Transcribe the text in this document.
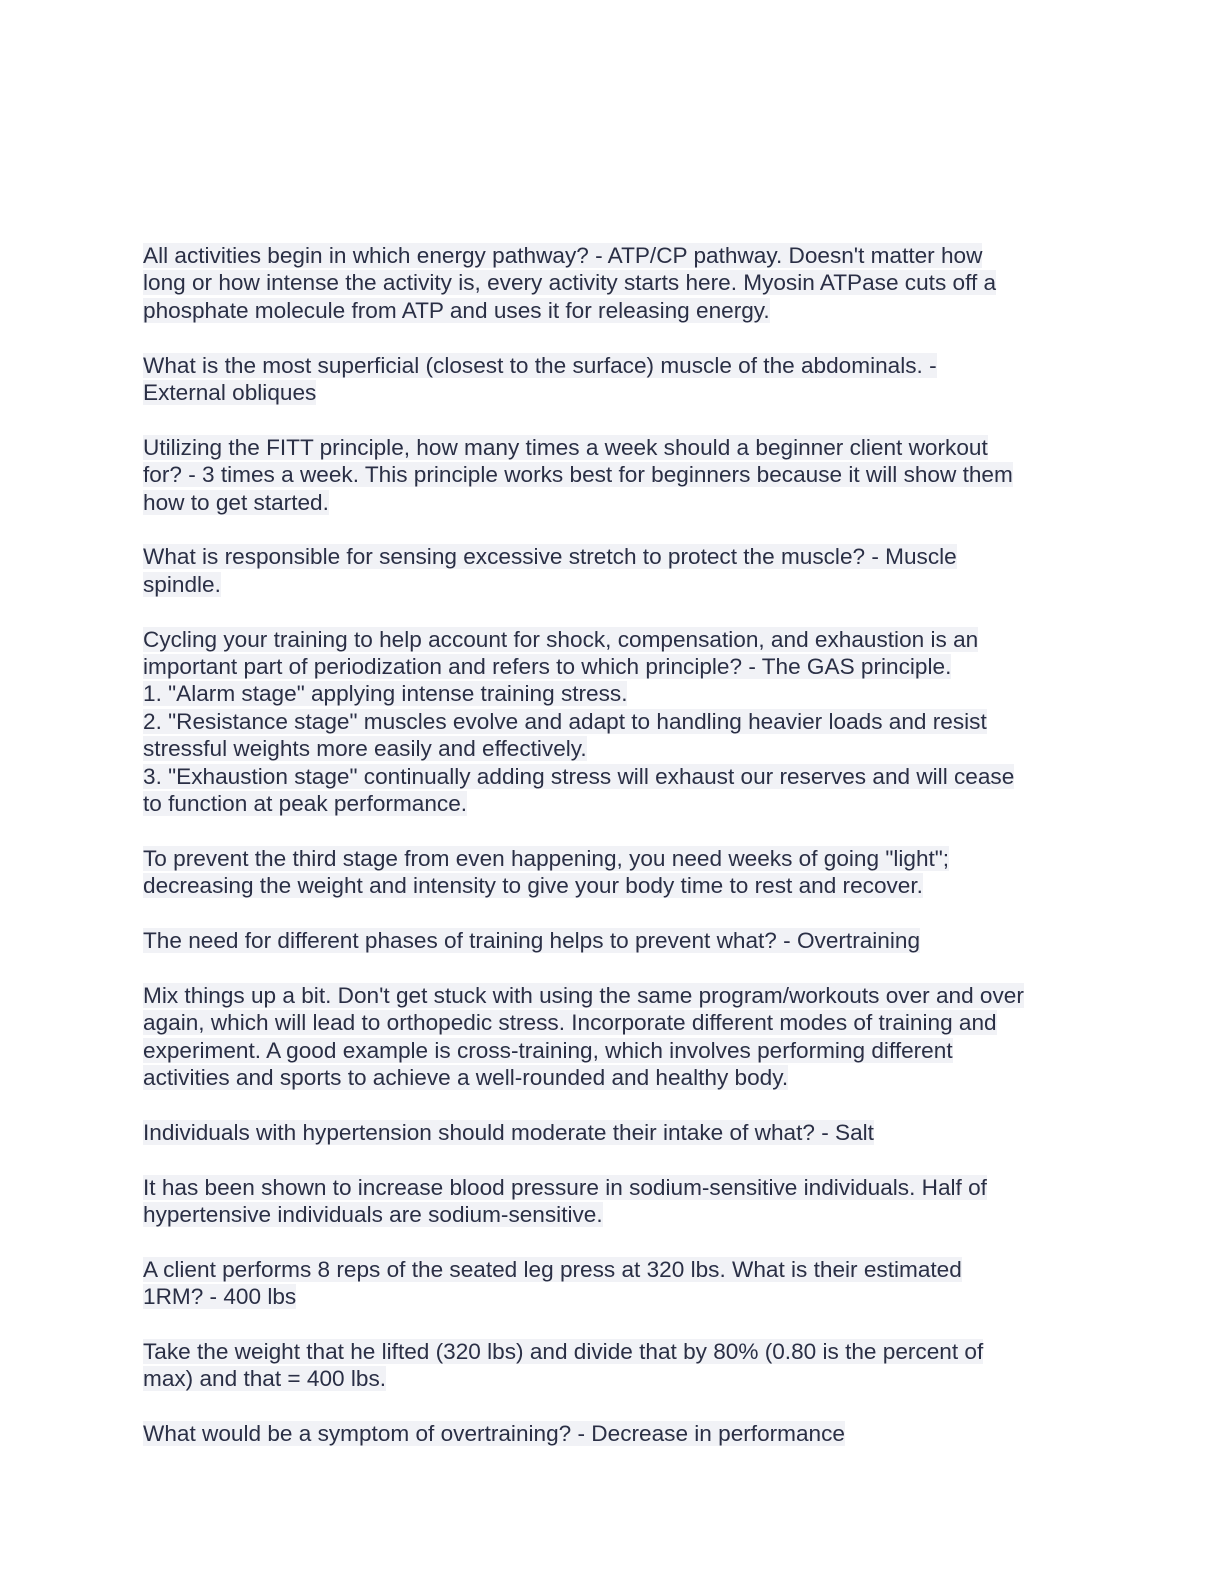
All activities begin in which energy pathway? - ATP/CP pathway. Doesn't matter how
long or how intense the activity is, every activity starts here. Myosin ATPase cuts off a
phosphate molecule from ATP and uses it for releasing energy.

What is the most superficial (closest to the surface) muscle of the abdominals. -
External obliques

Utilizing the FITT principle, how many times a week should a beginner client workout
for? - 3 times a week. This principle works best for beginners because it will show them
how to get started.

What is responsible for sensing excessive stretch to protect the muscle? - Muscle
spindle.

Cycling your training to help account for shock, compensation, and exhaustion is an
important part of periodization and refers to which principle? - The GAS principle.
1. "Alarm stage" applying intense training stress.
2. "Resistance stage" muscles evolve and adapt to handling heavier loads and resist
stressful weights more easily and effectively.
3. "Exhaustion stage" continually adding stress will exhaust our reserves and will cease
to function at peak performance.

To prevent the third stage from even happening, you need weeks of going "light";
decreasing the weight and intensity to give your body time to rest and recover.

The need for different phases of training helps to prevent what? - Overtraining

Mix things up a bit. Don't get stuck with using the same program/workouts over and over
again, which will lead to orthopedic stress. Incorporate different modes of training and
experiment. A good example is cross-training, which involves performing different
activities and sports to achieve a well-rounded and healthy body.

Individuals with hypertension should moderate their intake of what? - Salt

It has been shown to increase blood pressure in sodium-sensitive individuals. Half of
hypertensive individuals are sodium-sensitive.

A client performs 8 reps of the seated leg press at 320 lbs. What is their estimated
1RM? - 400 lbs

Take the weight that he lifted (320 lbs) and divide that by 80% (0.80 is the percent of
max) and that = 400 lbs.

What would be a symptom of overtraining? - Decrease in performance
